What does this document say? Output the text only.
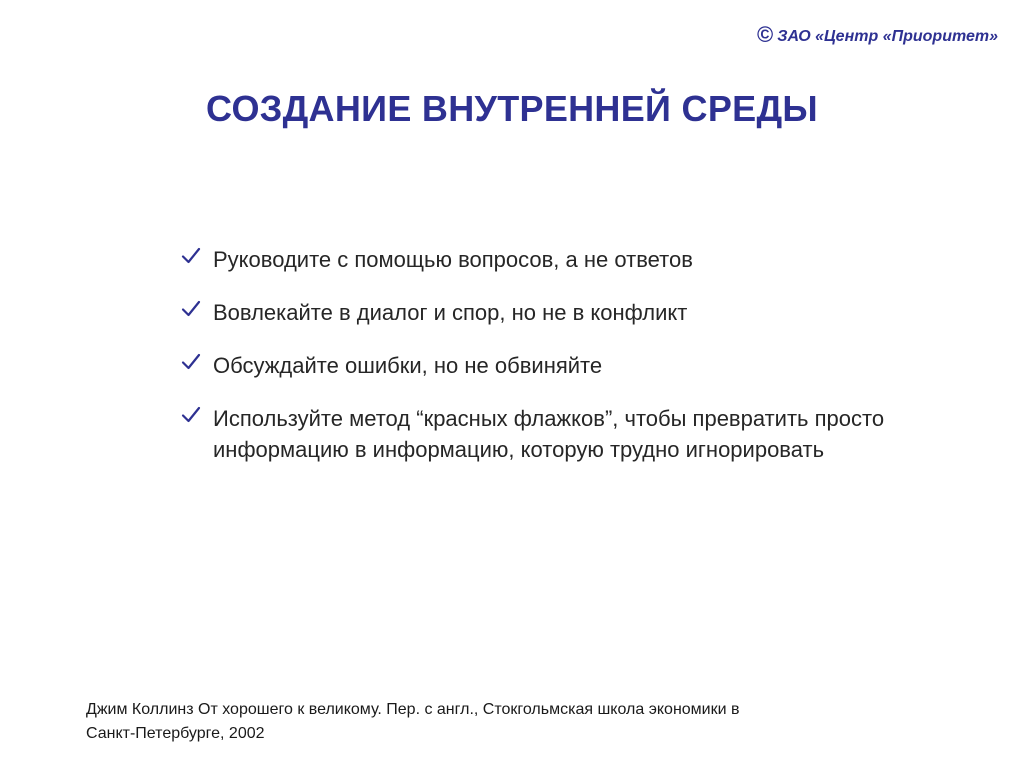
© ЗАО «Центр «Приоритет»
СОЗДАНИЕ ВНУТРЕННЕЙ СРЕДЫ
Руководите с помощью вопросов, а не ответов
Вовлекайте в диалог и спор, но не в конфликт
Обсуждайте ошибки, но не обвиняйте
Используйте метод “красных флажков”, чтобы превратить просто информацию в информацию, которую трудно игнорировать
Джим Коллинз От хорошего к великому. Пер. с англ., Стокгольмская школа экономики в
Санкт-Петербурге, 2002
